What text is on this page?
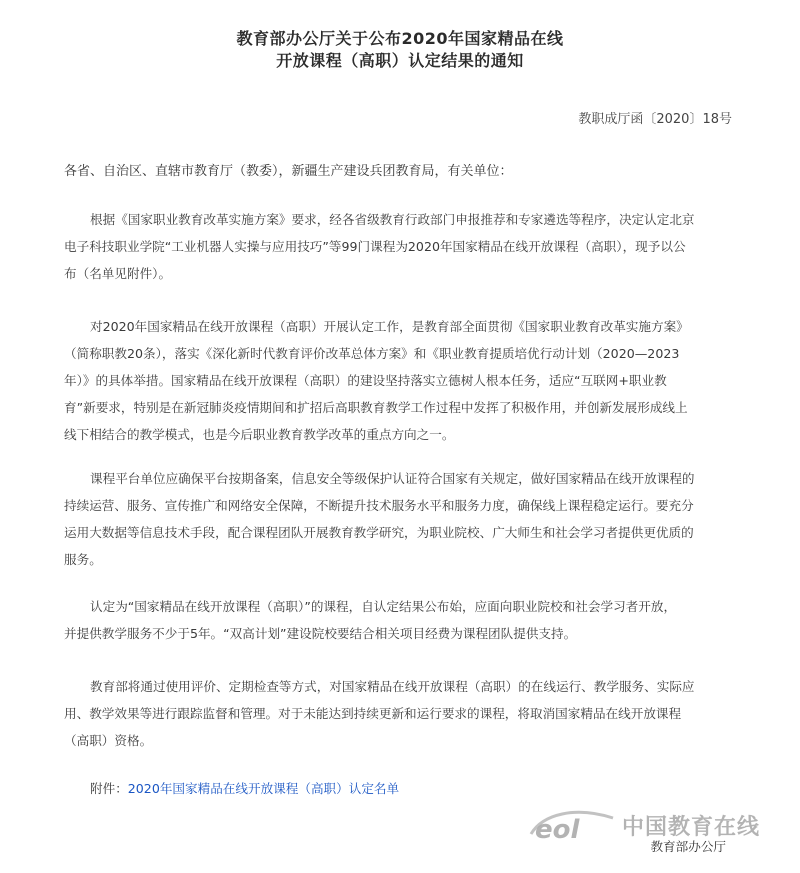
教育部办公厅关于公布2020年国家精品在线
开放课程（高职）认定结果的通知
教职成厅函〔2020〕18号
各省、自治区、直辖市教育厅（教委），新疆生产建设兵团教育局，有关单位：
根据《国家职业教育改革实施方案》要求，经各省级教育行政部门申报推荐和专家遴选等程序，决定认定北京
电子科技职业学院“工业机器人实操与应用技巧”等99门课程为2020年国家精品在线开放课程（高职），现予以公
布（名单见附件）。
对2020年国家精品在线开放课程（高职）开展认定工作，是教育部全面贯彻《国家职业教育改革实施方案》
（简称职教20条），落实《深化新时代教育评价改革总体方案》和《职业教育提质培优行动计划（2020—2023
年）》的具体举措。国家精品在线开放课程（高职）的建设坚持落实立德树人根本任务，适应“互联网+职业教
育”新要求，特别是在新冠肺炎疫情期间和扩招后高职教育教学工作过程中发挥了积极作用，并创新发展形成线上
线下相结合的教学模式，也是今后职业教育教学改革的重点方向之一。
课程平台单位应确保平台按期备案，信息安全等级保护认证符合国家有关规定，做好国家精品在线开放课程的
持续运营、服务、宣传推广和网络安全保障，不断提升技术服务水平和服务力度，确保线上课程稳定运行。要充分
运用大数据等信息技术手段，配合课程团队开展教育教学研究，为职业院校、广大师生和社会学习者提供更优质的
服务。
认定为“国家精品在线开放课程（高职）”的课程，自认定结果公布始，应面向职业院校和社会学习者开放，
并提供教学服务不少于5年。“双高计划”建设院校要结合相关项目经费为课程团队提供支持。
教育部将通过使用评价、定期检查等方式，对国家精品在线开放课程（高职）的在线运行、教学服务、实际应
用、教学效果等进行跟踪监督和管理。对于未能达到持续更新和运行要求的课程，将取消国家精品在线开放课程
（高职）资格。
附件：2020年国家精品在线开放课程（高职）认定名单
eol 中国教育在线
教育部办公厅
